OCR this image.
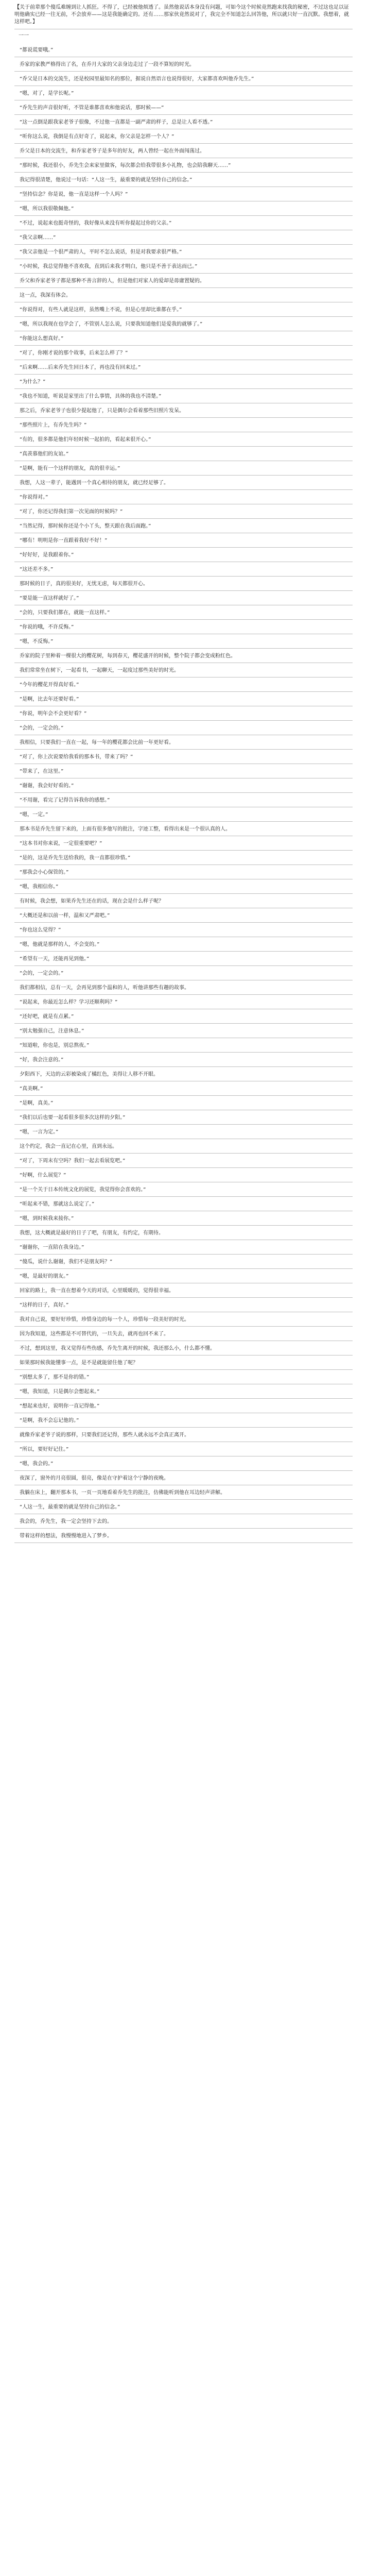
【关于前辈那个傻瓜难缠到让人抓狂。不得了，已经被他烦透了。虽然他说话本身没有问题，可如今这个时候竟然跑来找我的秘密，不过这也足以证明他确实已经一往无前，不会放弃——这是我能确定的。还有……那家伙竟然说对了，我完全不知道怎么回答他，所以就只好一直沉默。我想着，就这样吧。】
一一

“都说谎要哦。”

乔家的家教严格得出了名，在乔月大家的父亲身边走过了一段不算短的时光。

“乔父是日本的交流生，还是校园里最知名的那位，据说自然语言也说得很好，大家都喜欢叫他乔先生。”

“嗯，对了，是学长呢。”

“乔先生的声音很好听，不管是谁都喜欢和他说话，那时候——”

“这一点倒是跟我家老爷子很像，不过他一直都是一副严肃的样子，总是让人看不透。”

“听你这么说，我倒是有点好奇了，说起来，你父亲是怎样一个人？”

乔父是日本的交流生，和乔家老爷子是多年的好友，两人曾经一起在外面闯荡过。

“那时候，我还很小，乔先生会来家里做客，每次都会给我带很多小礼物，也会陪我聊天……”

我记得很清楚，他说过一句话：“人这一生，最重要的就是坚持自己的信念。”

“坚持信念？你是说，他一直是这样一个人吗？”

“嗯，所以我很敬佩他。”

“不过，说起来也挺奇怪的，我好像从来没有听你提起过你的父亲。”

“我父亲啊……”

“我父亲他是一个很严肃的人，平时不怎么说话，但是对我要求很严格。”

“小时候，我总觉得他不喜欢我，直到后来我才明白，他只是不善于表达而已。”

乔父和乔家老爷子都是那种不善言辞的人，但是他们对家人的爱却是毋庸置疑的。

这一点，我深有体会。

“你说得对，有些人就是这样，虽然嘴上不说，但是心里却比谁都在乎。”

“嗯，所以我现在也学会了，不管别人怎么说，只要我知道他们是爱我的就够了。”

“你能这么想真好。”

“对了，你刚才说的那个故事，后来怎么样了？”

“后来啊……后来乔先生回日本了，再也没有回来过。”

“为什么？”

“我也不知道，听说是家里出了什么事情，具体的我也不清楚。”

那之后，乔家老爷子也很少提起他了，只是偶尔会看着那些旧照片发呆。

“那些照片上，有乔先生吗？”

“有的，很多都是他们年轻时候一起拍的，看起来很开心。”

“真羡慕他们的友谊。”

“是啊，能有一个这样的朋友，真的很幸运。”

我想，人这一辈子，能遇到一个真心相待的朋友，就已经足够了。

“你说得对。”

“对了，你还记得我们第一次见面的时候吗？”

“当然记得，那时候你还是个小丫头，整天跟在我后面跑。”

“哪有！明明是你一直跟着我好不好！”

“好好好，是我跟着你。”

“这还差不多。”

那时候的日子，真的很美好，无忧无虑，每天都很开心。

“要是能一直这样就好了。”

“会的，只要我们都在，就能一直这样。”

“你说的哦，不许反悔。”

“嗯，不反悔。”

乔家的院子里种着一棵很大的樱花树，每到春天，樱花盛开的时候，整个院子都会变成粉红色。

我们常常坐在树下，一起看书，一起聊天，一起度过那些美好的时光。

“今年的樱花开得真好看。”

“是啊，比去年还要好看。”

“你说，明年会不会更好看？”

“会的，一定会的。”

我相信，只要我们一直在一起，每一年的樱花都会比前一年更好看。

“对了，你上次说要给我看的那本书，带来了吗？”

“带来了，在这里。”

“谢谢，我会好好看的。”

“不用谢，看完了记得告诉我你的感想。”

“嗯，一定。”

那本书是乔先生留下来的，上面有很多他写的批注，字迹工整，看得出来是一个很认真的人。

“这本书对你来说，一定很重要吧？”

“是的，这是乔先生送给我的，我一直都很珍惜。”

“那我会小心保管的。”

“嗯，我相信你。”

有时候，我会想，如果乔先生还在的话，现在会是什么样子呢？

“大概还是和以前一样，温和又严肃吧。”

“你也这么觉得？”

“嗯，他就是那样的人，不会变的。”

“希望有一天，还能再见到他。”

“会的，一定会的。”

我们都相信，总有一天，会再见到那个温和的人，听他讲那些有趣的故事。

“说起来，你最近怎么样？学习还顺利吗？”

“还好吧，就是有点累。”

“别太勉强自己，注意休息。”

“知道啦，你也是，别总熬夜。”

“好，我会注意的。”

夕阳西下，天边的云彩被染成了橘红色，美得让人移不开眼。

“真美啊。”

“是啊，真美。”

“我们以后也要一起看很多很多次这样的夕阳。”

“嗯，一言为定。”

这个约定，我会一直记在心里，直到永远。

“对了，下周末有空吗？我们一起去看展览吧。”

“好啊，什么展览？”

“是一个关于日本传统文化的展览，我觉得你会喜欢的。”

“听起来不错，那就这么说定了。”

“嗯，到时候我来接你。”

我想，这大概就是最好的日子了吧，有朋友，有约定，有期待。

“谢谢你，一直陪在我身边。”

“傻瓜，说什么谢谢，我们不是朋友吗？”

“嗯，是最好的朋友。”

回家的路上，我一直在想着今天的对话，心里暖暖的，觉得很幸福。

“这样的日子，真好。”

我对自己说，要好好珍惜，珍惜身边的每一个人，珍惜每一段美好的时光。

因为我知道，这些都是不可替代的，一旦失去，就再也回不来了。

不过，想到这里，我又觉得有些伤感，乔先生离开的时候，我还那么小，什么都不懂。

如果那时候我能懂事一点，是不是就能留住他了呢？

“别想太多了，那不是你的错。”

“嗯，我知道，只是偶尔会想起来。”

“想起来也好，说明你一直记得他。”

“是啊，我不会忘记他的。”

就像乔家老爷子说的那样，只要我们还记得，那些人就永远不会真正离开。

“所以，要好好记住。”

“嗯，我会的。”

夜深了，窗外的月亮很圆，很亮，像是在守护着这个宁静的夜晚。

我躺在床上，翻开那本书，一页一页地看着乔先生的批注，仿佛能听到他在耳边轻声讲解。

“人这一生，最重要的就是坚持自己的信念。”

我会的，乔先生，我一定会坚持下去的。

带着这样的想法，我慢慢地进入了梦乡。
